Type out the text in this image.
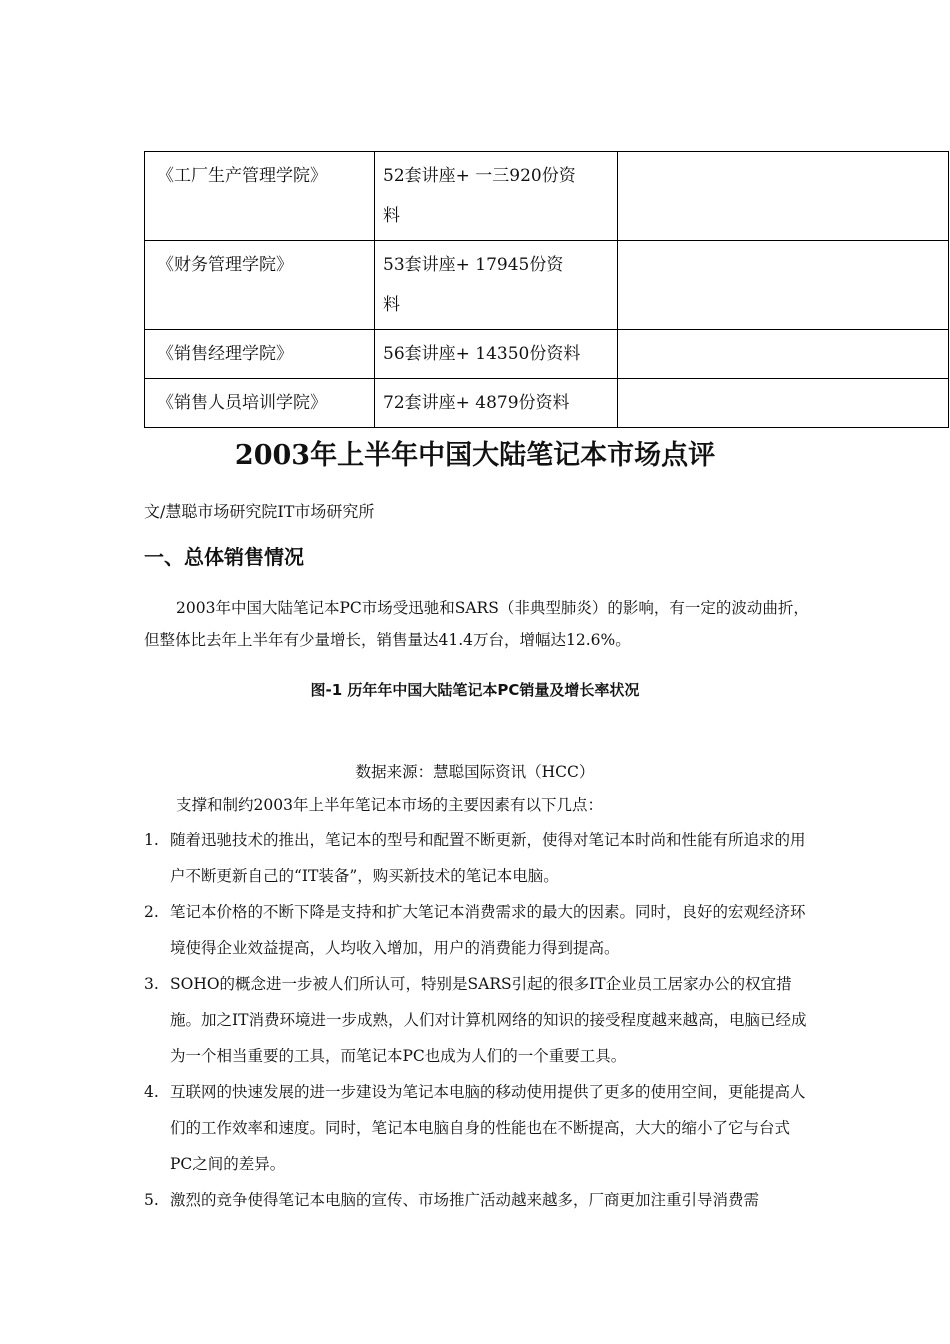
《工厂生产管理学院》	52套讲座+ 一三920份资
料	

《财务管理学院》	53套讲座+ 17945份资
料	

《销售经理学院》	56套讲座+ 14350份资料	

《销售人员培训学院》	72套讲座+ 4879份资料	

2003年上半年中国大陆笔记本市场点评
文/慧聪市场研究院IT市场研究所
一、总体销售情况
2003年中国大陆笔记本PC市场受迅驰和SARS（非典型肺炎）的影响，有一定的波动曲折，但整体比去年上半年有少量增长，销售量达41.4万台，增幅达12.6%。
图-1 历年年中国大陆笔记本PC销量及增长率状况
数据来源：慧聪国际资讯（HCC）
支撑和制约2003年上半年笔记本市场的主要因素有以下几点：
1. 随着迅驰技术的推出，笔记本的型号和配置不断更新，使得对笔记本时尚和性能有所追求的用户不断更新自己的“IT装备”，购买新技术的笔记本电脑。
2. 笔记本价格的不断下降是支持和扩大笔记本消费需求的最大的因素。同时，良好的宏观经济环境使得企业效益提高，人均收入增加，用户的消费能力得到提高。
3. SOHO的概念进一步被人们所认可，特别是SARS引起的很多IT企业员工居家办公的权宜措施。加之IT消费环境进一步成熟，人们对计算机网络的知识的接受程度越来越高，电脑已经成为一个相当重要的工具，而笔记本PC也成为人们的一个重要工具。
4. 互联网的快速发展的进一步建设为笔记本电脑的移动使用提供了更多的使用空间，更能提高人们的工作效率和速度。同时，笔记本电脑自身的性能也在不断提高，大大的缩小了它与台式PC之间的差异。
5. 激烈的竞争使得笔记本电脑的宣传、市场推广活动越来越多，厂商更加注重引导消费需
